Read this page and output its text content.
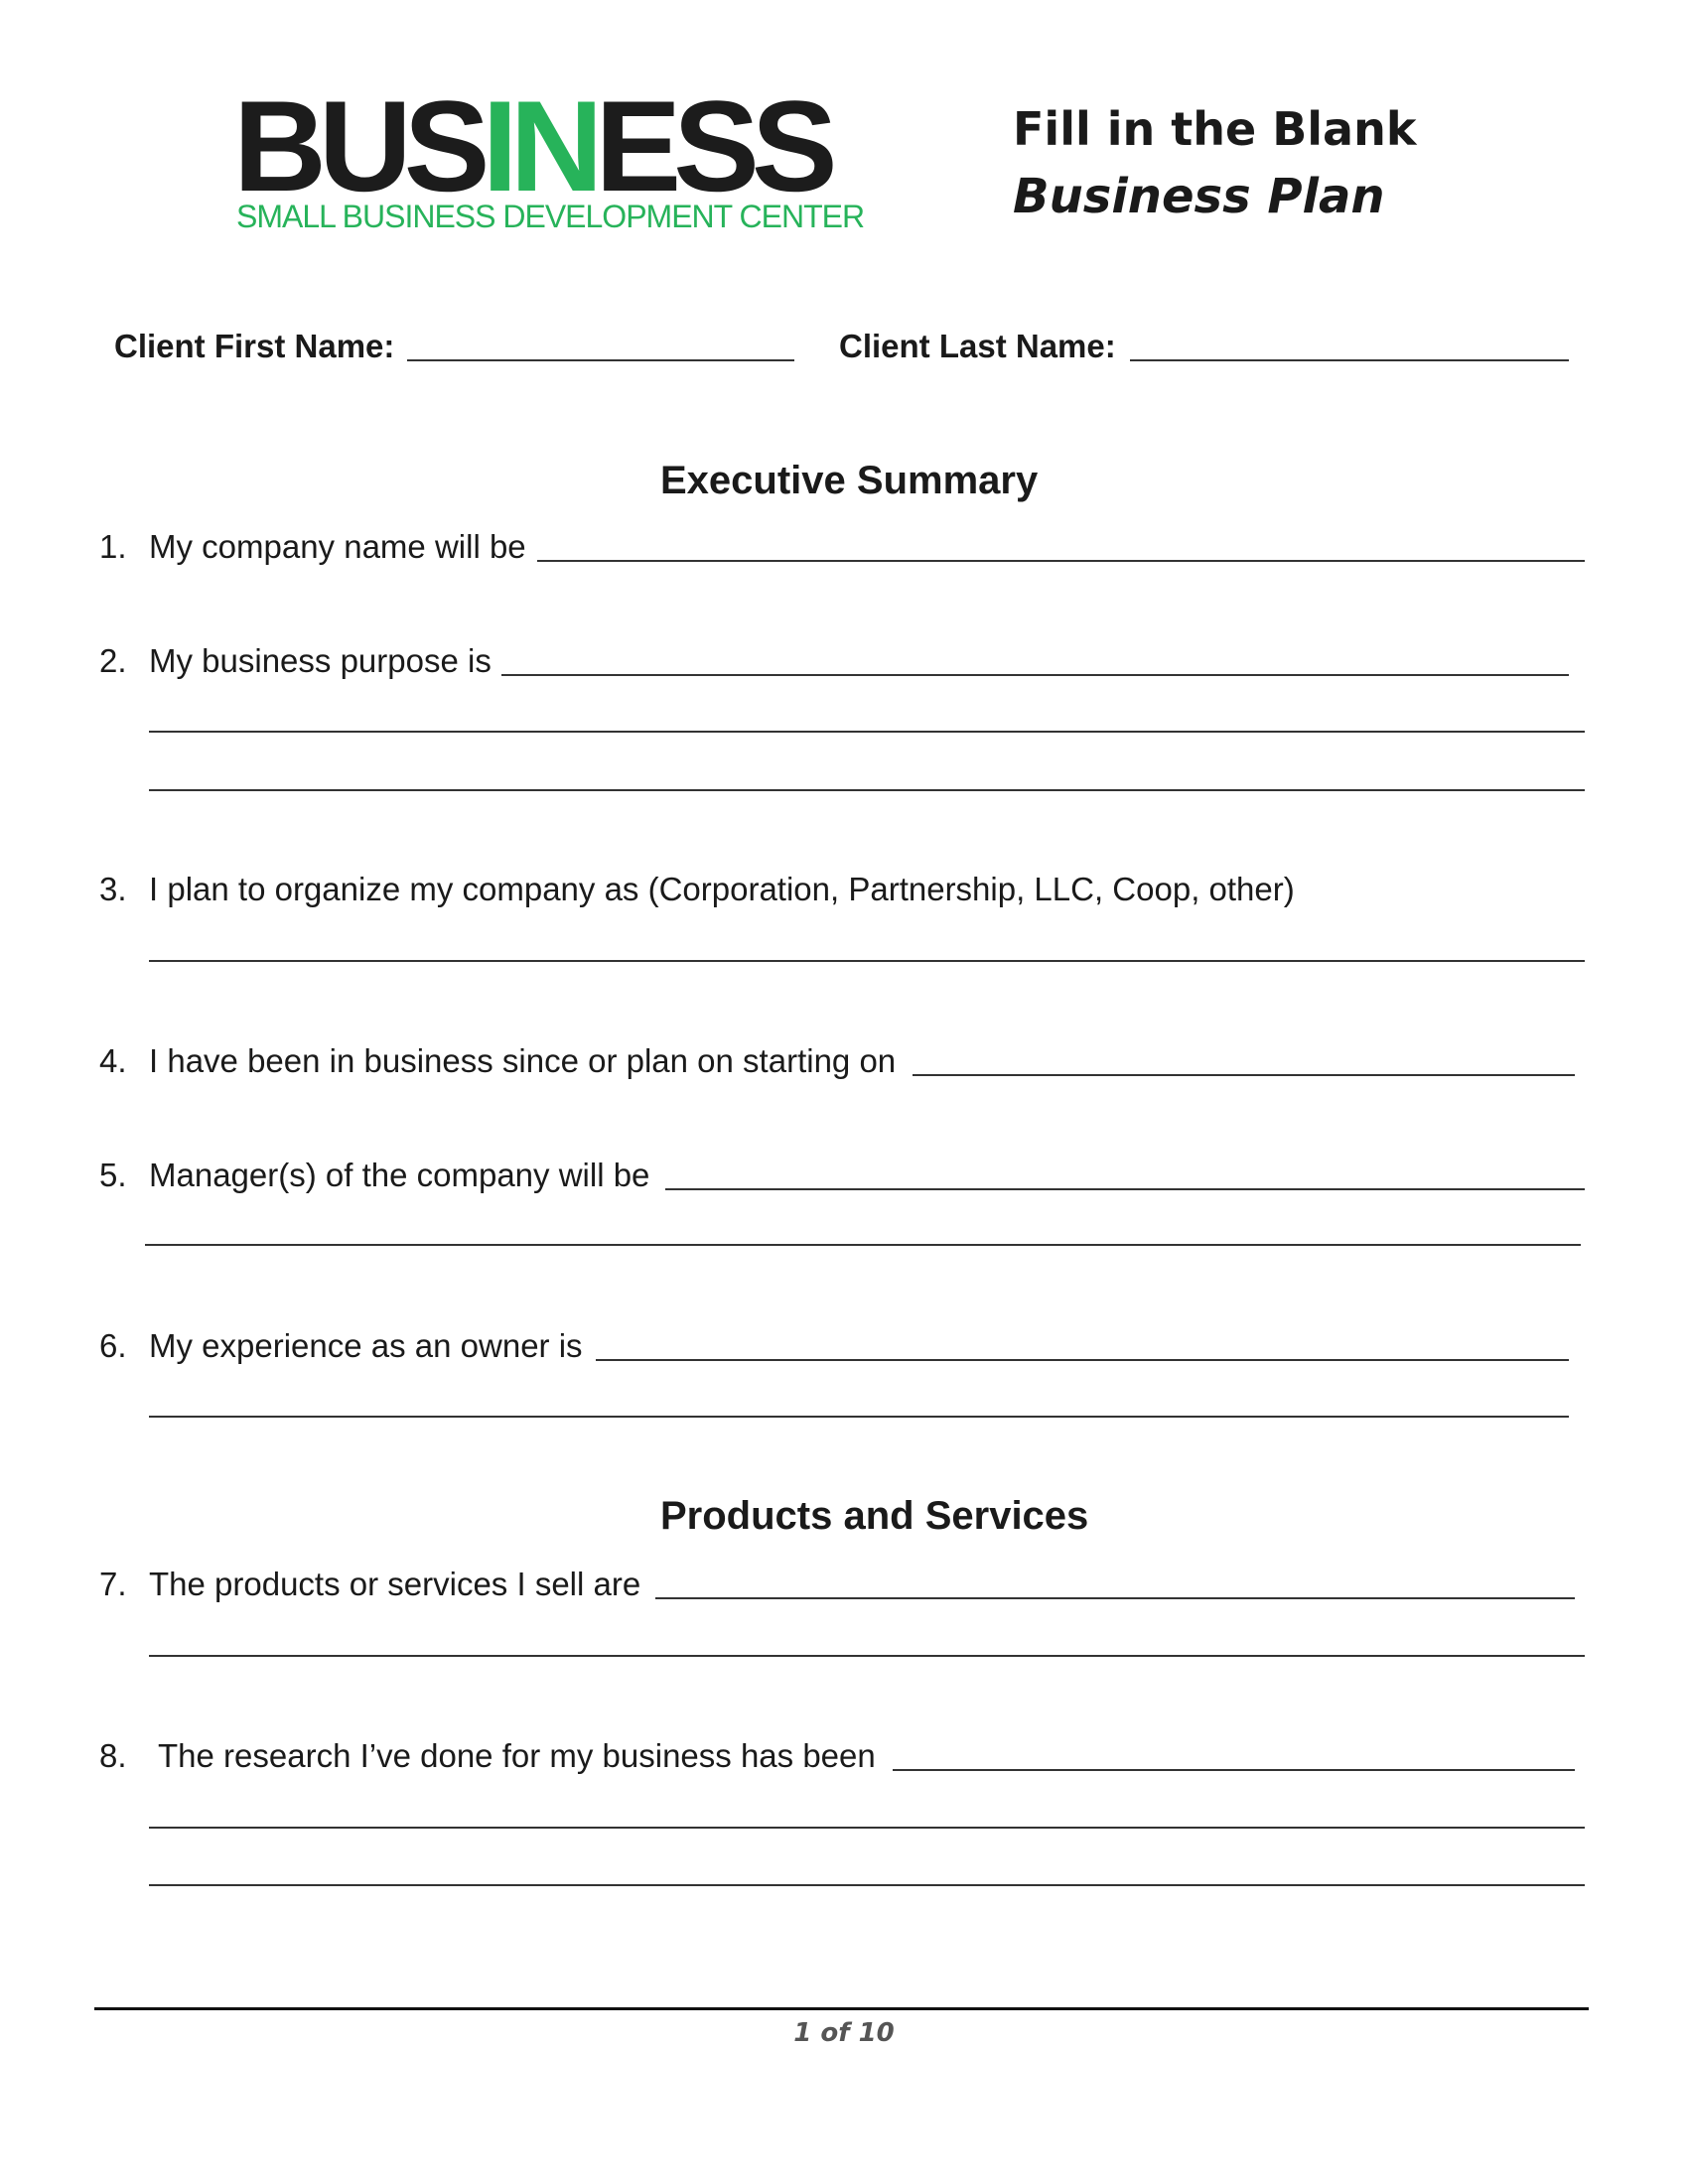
BUSINESS
SMALL BUSINESS DEVELOPMENT CENTER
Fill in the Blank
Business Plan
Client First Name:	Client Last Name:
Executive Summary
1. My company name will be
2. My business purpose is
3. I plan to organize my company as (Corporation, Partnership, LLC, Coop, other)
4. I have been in business since or plan on starting on
5. Manager(s) of the company will be
6. My experience as an owner is
Products and Services
7. The products or services I sell are
8. The research I’ve done for my business has been
1 of 10
